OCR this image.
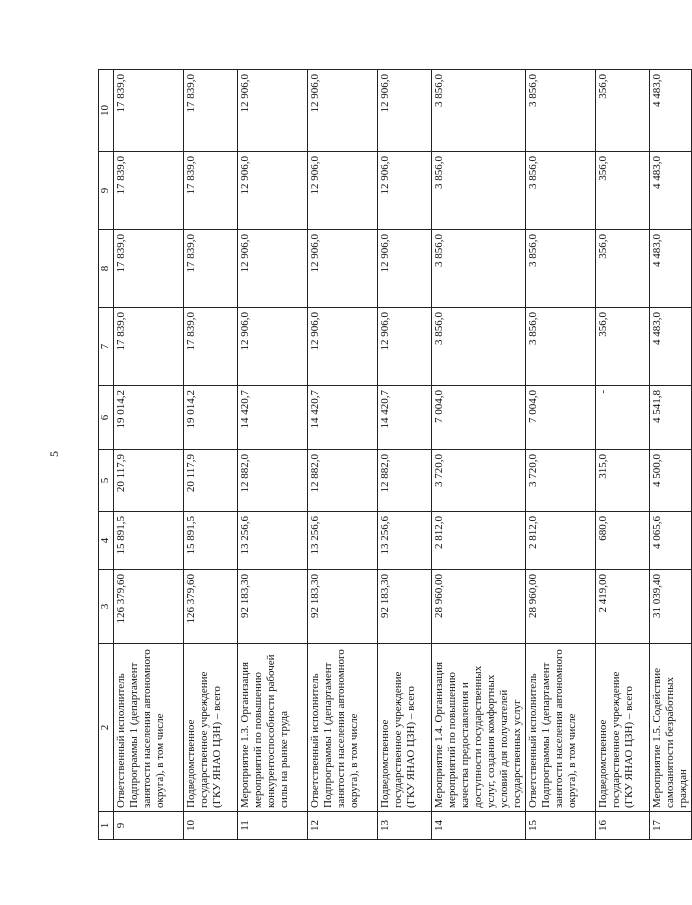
5
1	2	3	4	5	6	7	8	9	10
9	Ответственный исполнитель Подпрограммы 1 (департамент занятости населения автономного округа), в том числе	126 379,60	15 891,5	20 117,9	19 014,2	17 839,0	17 839,0	17 839,0	17 839,0
10	Подведомственное государственное учреждение (ГКУ ЯНАО ЦЗН) – всего	126 379,60	15 891,5	20 117,9	19 014,2	17 839,0	17 839,0	17 839,0	17 839,0
11	Мероприятие 1.3. Организация мероприятий по повышению конкурентоспособности рабочей силы на рынке труда	92 183,30	13 256,6	12 882,0	14 420,7	12 906,0	12 906,0	12 906,0	12 906,0
12	Ответственный исполнитель Подпрограммы 1 (департамент занятости населения автономного округа), в том числе	92 183,30	13 256,6	12 882,0	14 420,7	12 906,0	12 906,0	12 906,0	12 906,0
13	Подведомственное государственное учреждение (ГКУ ЯНАО ЦЗН) – всего	92 183,30	13 256,6	12 882,0	14 420,7	12 906,0	12 906,0	12 906,0	12 906,0
14	Мероприятие 1.4. Организация мероприятий по повышению качества предоставления и доступности государственных услуг, создания комфортных условий для получателей государственных услуг	28 960,00	2 812,0	3 720,0	7 004,0	3 856,0	3 856,0	3 856,0	3 856,0
15	Ответственный исполнитель Подпрограммы 1 (департамент занятости населения автономного округа), в том числе	28 960,00	2 812,0	3 720,0	7 004,0	3 856,0	3 856,0	3 856,0	3 856,0
16	Подведомственное государственное учреждение (ГКУ ЯНАО ЦЗН) – всего	2 419,00	680,0	315,0	-	356,0	356,0	356,0	356,0
17	Мероприятие 1.5. Содействие самозанятости безработных граждан	31 039,40	4 065,6	4 500,0	4 541,8	4 483,0	4 483,0	4 483,0	4 483,0
